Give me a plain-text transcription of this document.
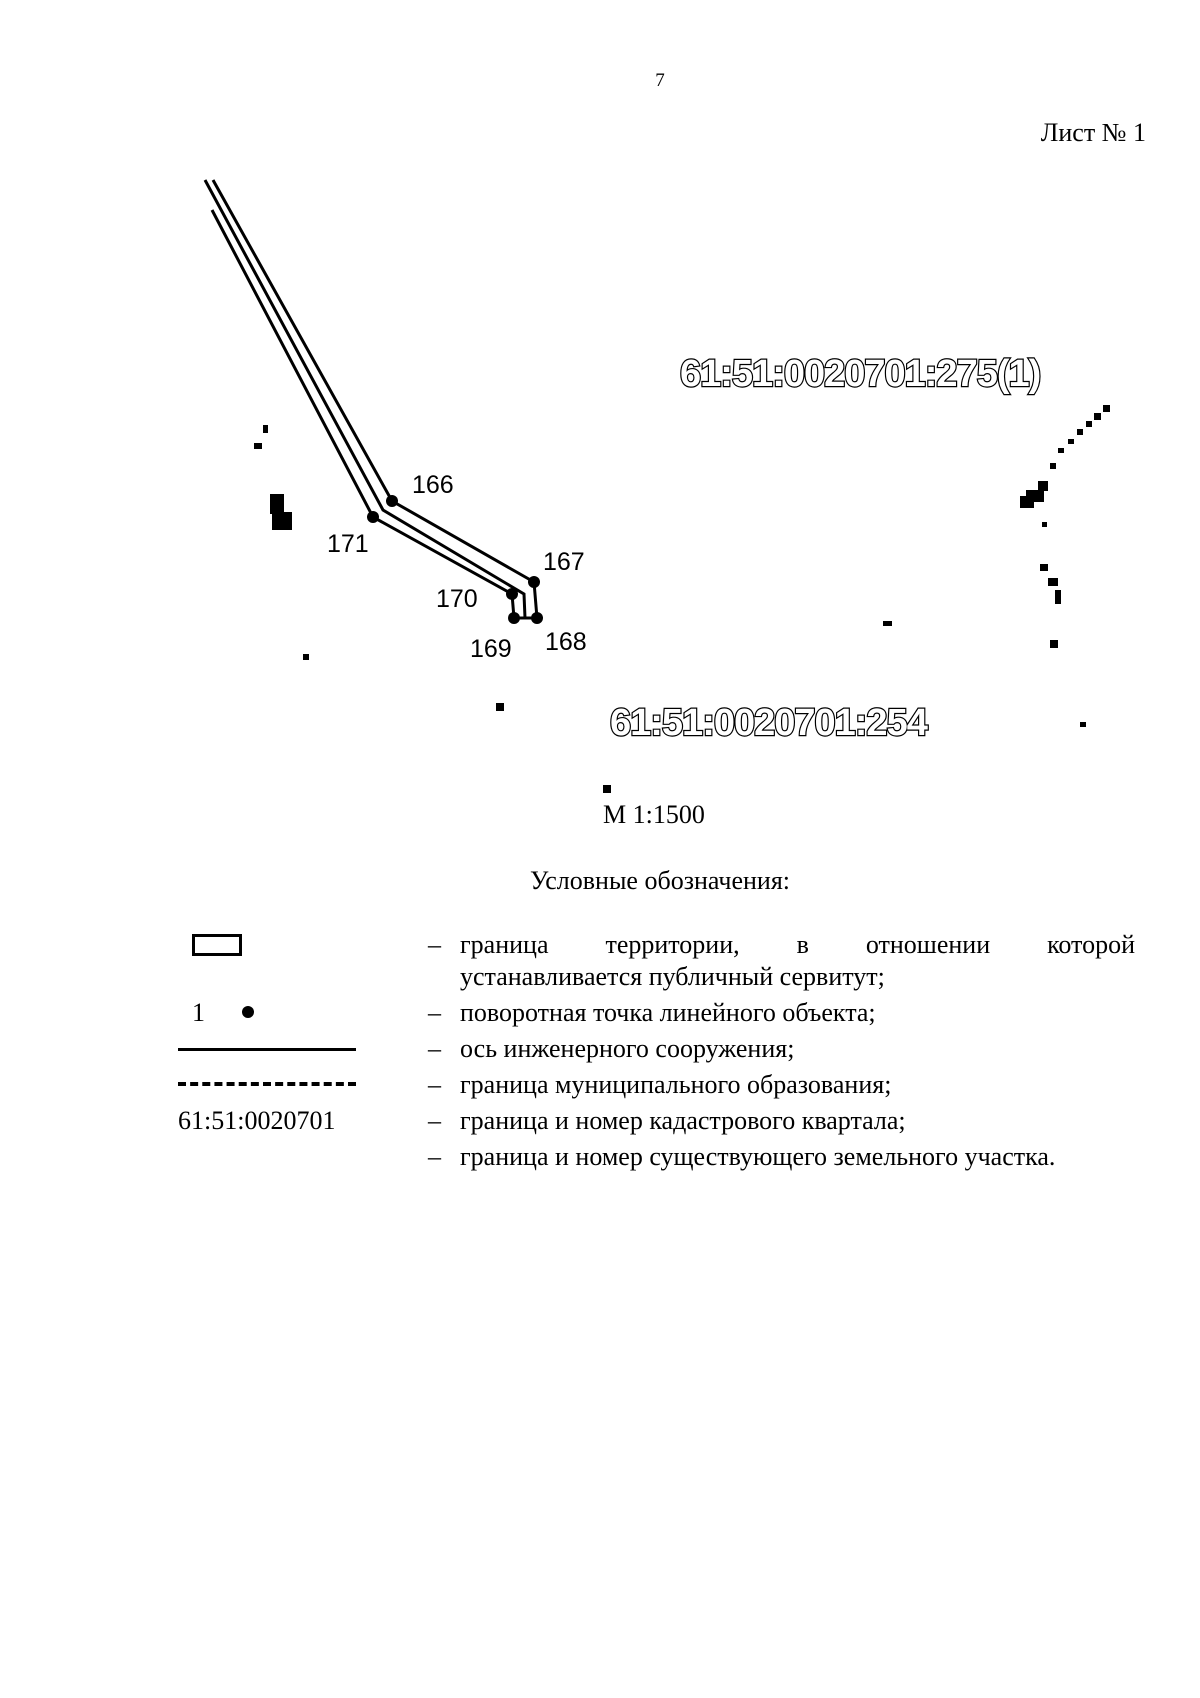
7
Лист № 1
166
167
168
169
170
171
61:51:0020701:275(1)
61:51:0020701:254
М 1:1500
Условные обозначения:
– граница территории, в отношении которой
устанавливается публичный сервитут;
1	– поворотная точка линейного объекта;
– ось инженерного сооружения;
– граница муниципального образования;
61:51:0020701	– граница и номер кадастрового квартала;
– граница и номер существующего земельного участка.
